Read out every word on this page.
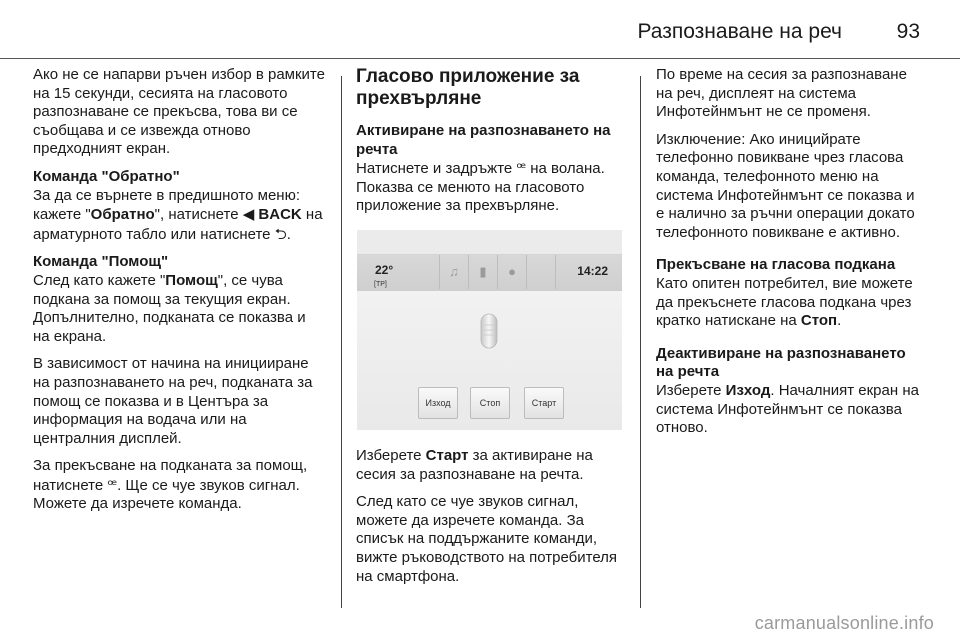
Разпознаване на реч	93

Ако не се напарви ръчен избор в рамките на 15 секунди, сесията на гласовото разпознаване се прекъсва, това ви се съобщава и се извежда отново предходният екран.

Команда "Обратно"
За да се върнете в предишното меню: кажете "Обратно", натиснете ◀ BACK на арматурното табло или натиснете ⮌.

Команда "Помощ"
След като кажете "Помощ", се чува подкана за помощ за текущия екран. Допълнително, подканата се показва и на екрана.

В зависимост от начина на иницииране на разпознаването на реч, подканата за помощ се показва и в Центъра за информация на водача или на централния дисплей.

За прекъсване на подканата за помощ, натиснете ꟹ. Ще се чуе звуков сигнал. Можете да изречете команда.

Гласово приложение за прехвърляне

Активиране на разпознаването на речта
Натиснете и задръжте ꟹ на волана. Показва се менюто на гласовото приложение за прехвърляне.

22°
[TP]
♫	▮	●	14:22
Изход	Стоп	Старт

Изберете Старт за активиране на сесия за разпознаване на речта.

След като се чуе звуков сигнал, можете да изречете команда. За списък на поддържаните команди, вижте ръководството на потребителя на смартфона.

По време на сесия за разпознаване на реч, дисплеят на система Инфотейнмънт не се променя.

Изключение: Ако иницийрате телефонно повикване чрез гласова команда, телефонното меню на система Инфотейнмънт се показва и е налично за ръчни операции докато телефонното повикване е активно.

Прекъсване на гласова подкана
Като опитен потребител, вие можете да прекъснете гласова подкана чрез кратко натискане на Стоп.

Деактивиране на разпознаването на речта
Изберете Изход. Началният екран на система Инфотейнмънт се показва отново.

carmanualsonline.info
